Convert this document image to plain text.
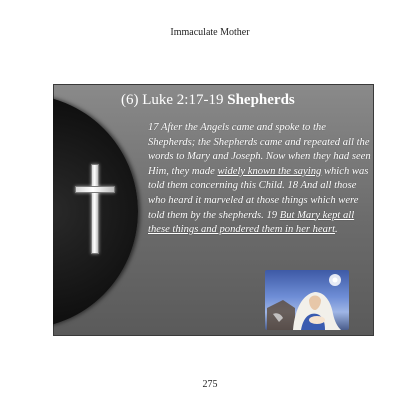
Immaculate Mother
(6) Luke 2:17-19 Shepherds
17 After the Angels came and spoke to the Shepherds; the Shepherds came and repeated all the words to Mary and Joseph. Now when they had seen Him, they made widely known the saying which was told them concerning this Child. 18 And all those who heard it marveled at those things which were told them by the shepherds. 19 But Mary kept all these things and pondered them in her heart.
275
